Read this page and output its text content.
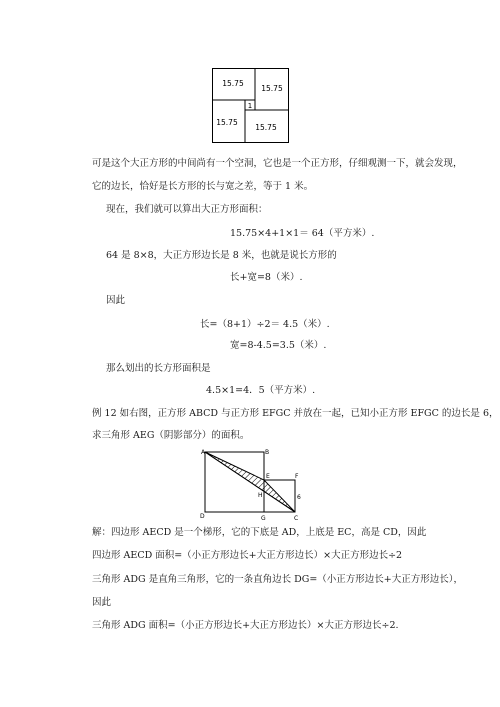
15.75
15.75
15.75
15.75
1
可是这个大正方形的中间尚有一个空洞，它也是一个正方形，仔细观测一下，就会发现，
它的边长，恰好是长方形的长与宽之差，等于 1 米。
现在，我们就可以算出大正方形面积：
15.75×4+1×1＝ 64（平方米）.
64 是 8×8，大正方形边长是 8 米，也就是说长方形的
长+宽=8（米）.
因此
长=（8+1）÷2＝ 4.5（米）.
宽=8-4.5=3.5（米）.
那么划出的长方形面积是
4.5×1=4．5（平方米）.
例 12 如右图，正方形 ABCD 与正方形 EFGC 并放在一起，已知小正方形 EFGC 的边长是 6，
求三角形 AEG（阴影部分）的面积。
A	B
E	F
H	6
D	G	C
解：四边形 AECD 是一个梯形，它的下底是 AD，上底是 EC，高是 CD，因此
四边形 AECD 面积=（小正方形边长+大正方形边长）×大正方形边长÷2
三角形 ADG 是直角三角形，它的一条直角边长 DG=（小正方形边长+大正方形边长），
因此
三角形 ADG 面积=（小正方形边长+大正方形边长）×大正方形边长÷2.
